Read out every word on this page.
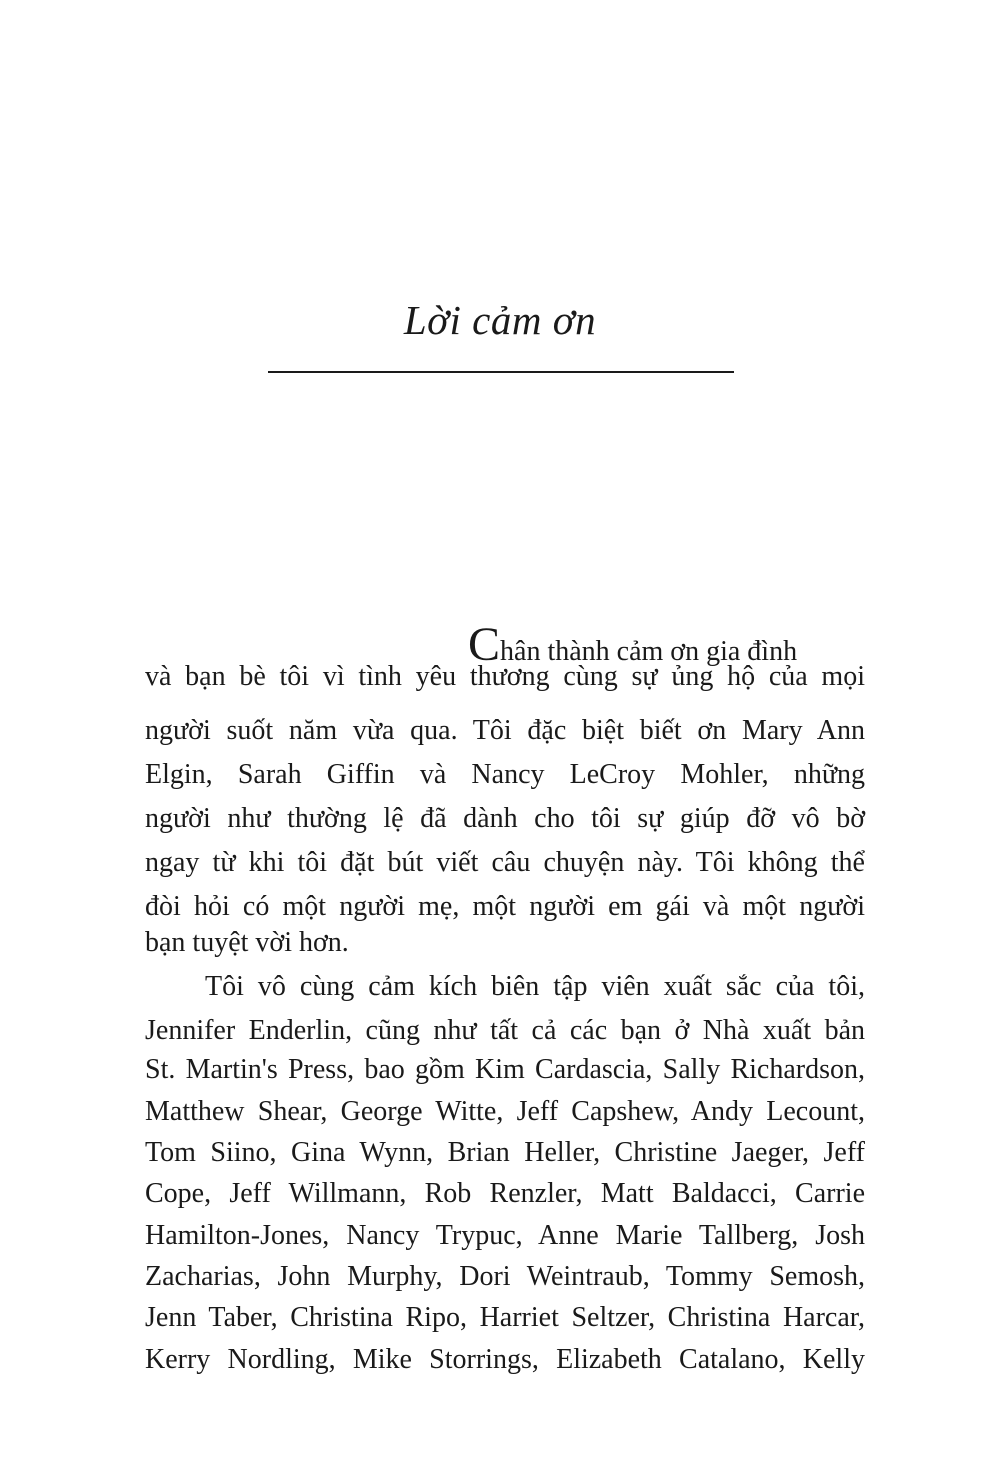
Lời cảm ơn
Chân thành cảm ơn gia đình
và bạn bè tôi vì tình yêu thương cùng sự ủng hộ của mọi
người suốt năm vừa qua. Tôi đặc biệt biết ơn Mary Ann
Elgin, Sarah Giffin và Nancy LeCroy Mohler, những
người như thường lệ đã dành cho tôi sự giúp đỡ vô bờ
ngay từ khi tôi đặt bút viết câu chuyện này. Tôi không thể
đòi hỏi có một người mẹ, một người em gái và một người
bạn tuyệt vời hơn.
Tôi vô cùng cảm kích biên tập viên xuất sắc của tôi,
Jennifer Enderlin, cũng như tất cả các bạn ở Nhà xuất bản
St. Martin's Press, bao gồm Kim Cardascia, Sally Richardson,
Matthew Shear, George Witte, Jeff Capshew, Andy Lecount,
Tom Siino, Gina Wynn, Brian Heller, Christine Jaeger, Jeff
Cope, Jeff Willmann, Rob Renzler, Matt Baldacci, Carrie
Hamilton-Jones, Nancy Trypuc, Anne Marie Tallberg, Josh
Zacharias, John Murphy, Dori Weintraub, Tommy Semosh,
Jenn Taber, Christina Ripo, Harriet Seltzer, Christina Harcar,
Kerry Nordling, Mike Storrings, Elizabeth Catalano, Kelly
